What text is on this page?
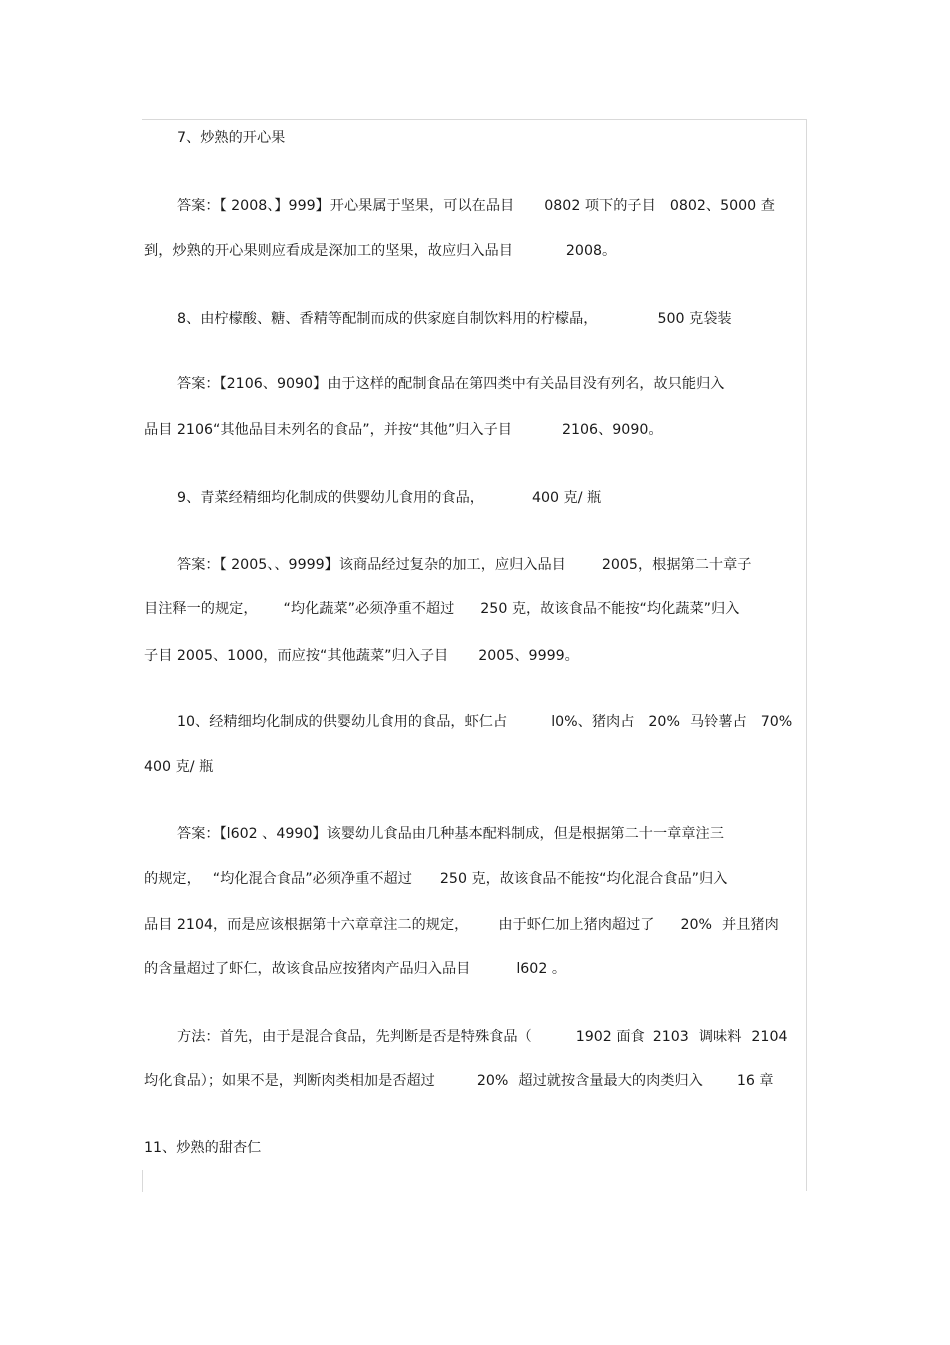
7、炒熟的开心果
答案：【 2008、】999】开心果属于坚果，可以在品目 0802 项下的子目 0802、5000 查
到，炒熟的开心果则应看成是深加工的坚果，故应归入品目	2008。
8、由柠檬酸、糖、香精等配制而成的供家庭自制饮料用的柠檬晶，	500 克袋装
答案：【2106、9090】由于这样的配制食品在第四类中有关品目没有列名，故只能归入
品目 2106“其他品目未列名的食品”，并按“其他”归入子目	2106、9090。
9、青菜经精细均化制成的供婴幼儿食用的食品，	400 克/ 瓶
答案：【 2005、、9999】该商品经过复杂的加工，应归入品目	2005，根据第二十章子
目注释一的规定， “均化蔬菜”必须净重不超过 250 克，故该食品不能按“均化蔬菜”归入
子目 2005、1000，而应按“其他蔬菜”归入子目 2005、9999。
10、经精细均化制成的供婴幼儿食用的食品，虾仁占	l0%、猪肉占 20% 马铃薯占 70%
400 克/ 瓶
答案：【l602 、4990】该婴幼儿食品由几种基本配料制成，但是根据第二十一章章注三
的规定， “均化混合食品”必须净重不超过 250 克，故该食品不能按“均化混合食品”归入
品目 2104，而是应该根据第十六章章注二的规定， 由于虾仁加上猪肉超过了 20% 并且猪肉
的含量超过了虾仁，故该食品应按猪肉产品归入品目	l602 。
方法：首先，由于是混合食品，先判断是否是特殊食品（	1902 面食 2103 调味料 2104
均化食品）；如果不是，判断肉类相加是否超过	20% 超过就按含量最大的肉类归入 16 章
11、炒熟的甜杏仁
